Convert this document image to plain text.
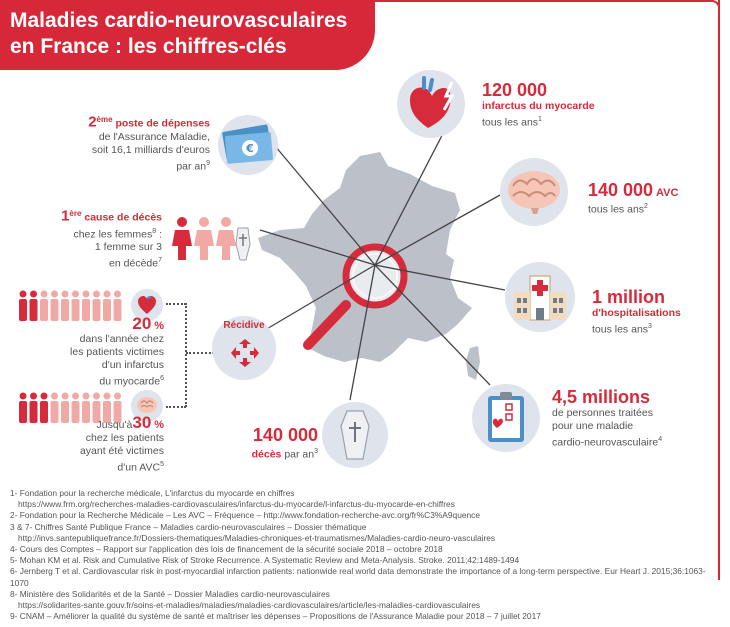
Maladies cardio-neurovasculaires
en France : les chiffres-clés
2ème poste de dépenses
de l'Assurance Maladie,
soit 16,1 milliards d'euros
par $an^9$
€
1ère cause de décès
chez les femmes$^8$ :
1 femme sur 3
en décède$^7$
20 %
dans l'année chez
les patients victimes
d'un infarctus
du myocarde$^6$
Jusqu'à30 %
chez les patients
ayant été victimes
d'un AVC$^5$
Récidive
120 000
infarctus du myocarde
tous les ans$^1$
140 000 AVC
tous les ans$^2$
1 million
d'hospitalisations
tous les ans$^3$
4,5 millions
de personnes traitées
pour une maladie
cardio-neurovasculaire$^4$
140 000
décès par $an^3$
1- Fondation pour la recherche médicale, L'infarctus du myocarde en chiffres
https://www.frm.org/recherches-maladies-cardiovasculaires/infarctus-du-myocarde/l-infarctus-du-myocarde-en-chiffres
2- Fondation pour la Recherche Médicale – Les AVC – Fréquence – http://www.fondation-recherche-avc.org/fr%C3%A9quence
3 & 7- Chiffres Santé Publique France – Maladies cardio-neurovasculaires – Dossier thématique
http://invs.santepubliquefrance.fr/Dossiers-thematiques/Maladies-chroniques-et-traumatismes/Maladies-cardio-neuro-vasculaires
4- Cours des Comptes – Rapport sur l'application des lois de financement de la sécurité sociale 2018 – octobre 2018
5- Mohan KM et al. Risk and Cumulative Risk of Stroke Recurrence. A Systematic Review and Meta-Analysis. Stroke. 2011;42:1489-1494
6- Jernberg T et al. Cardiovascular risk in post-myocardial infarction patients: nationwide real world data demonstrate the importance of a long-term perspective. Eur Heart J. 2015;36:1063-1070
8- Ministère des Solidarités et de la Santé – Dossier Maladies cardio-neurovasculaires
https://solidarites-sante.gouv.fr/soins-et-maladies/maladies/maladies-cardiovasculaires/article/les-maladies-cardiovasculaires
9- CNAM – Améliorer la qualité du système de santé et maîtriser les dépenses – Propositions de l'Assurance Maladie pour 2018 – 7 juillet 2017
